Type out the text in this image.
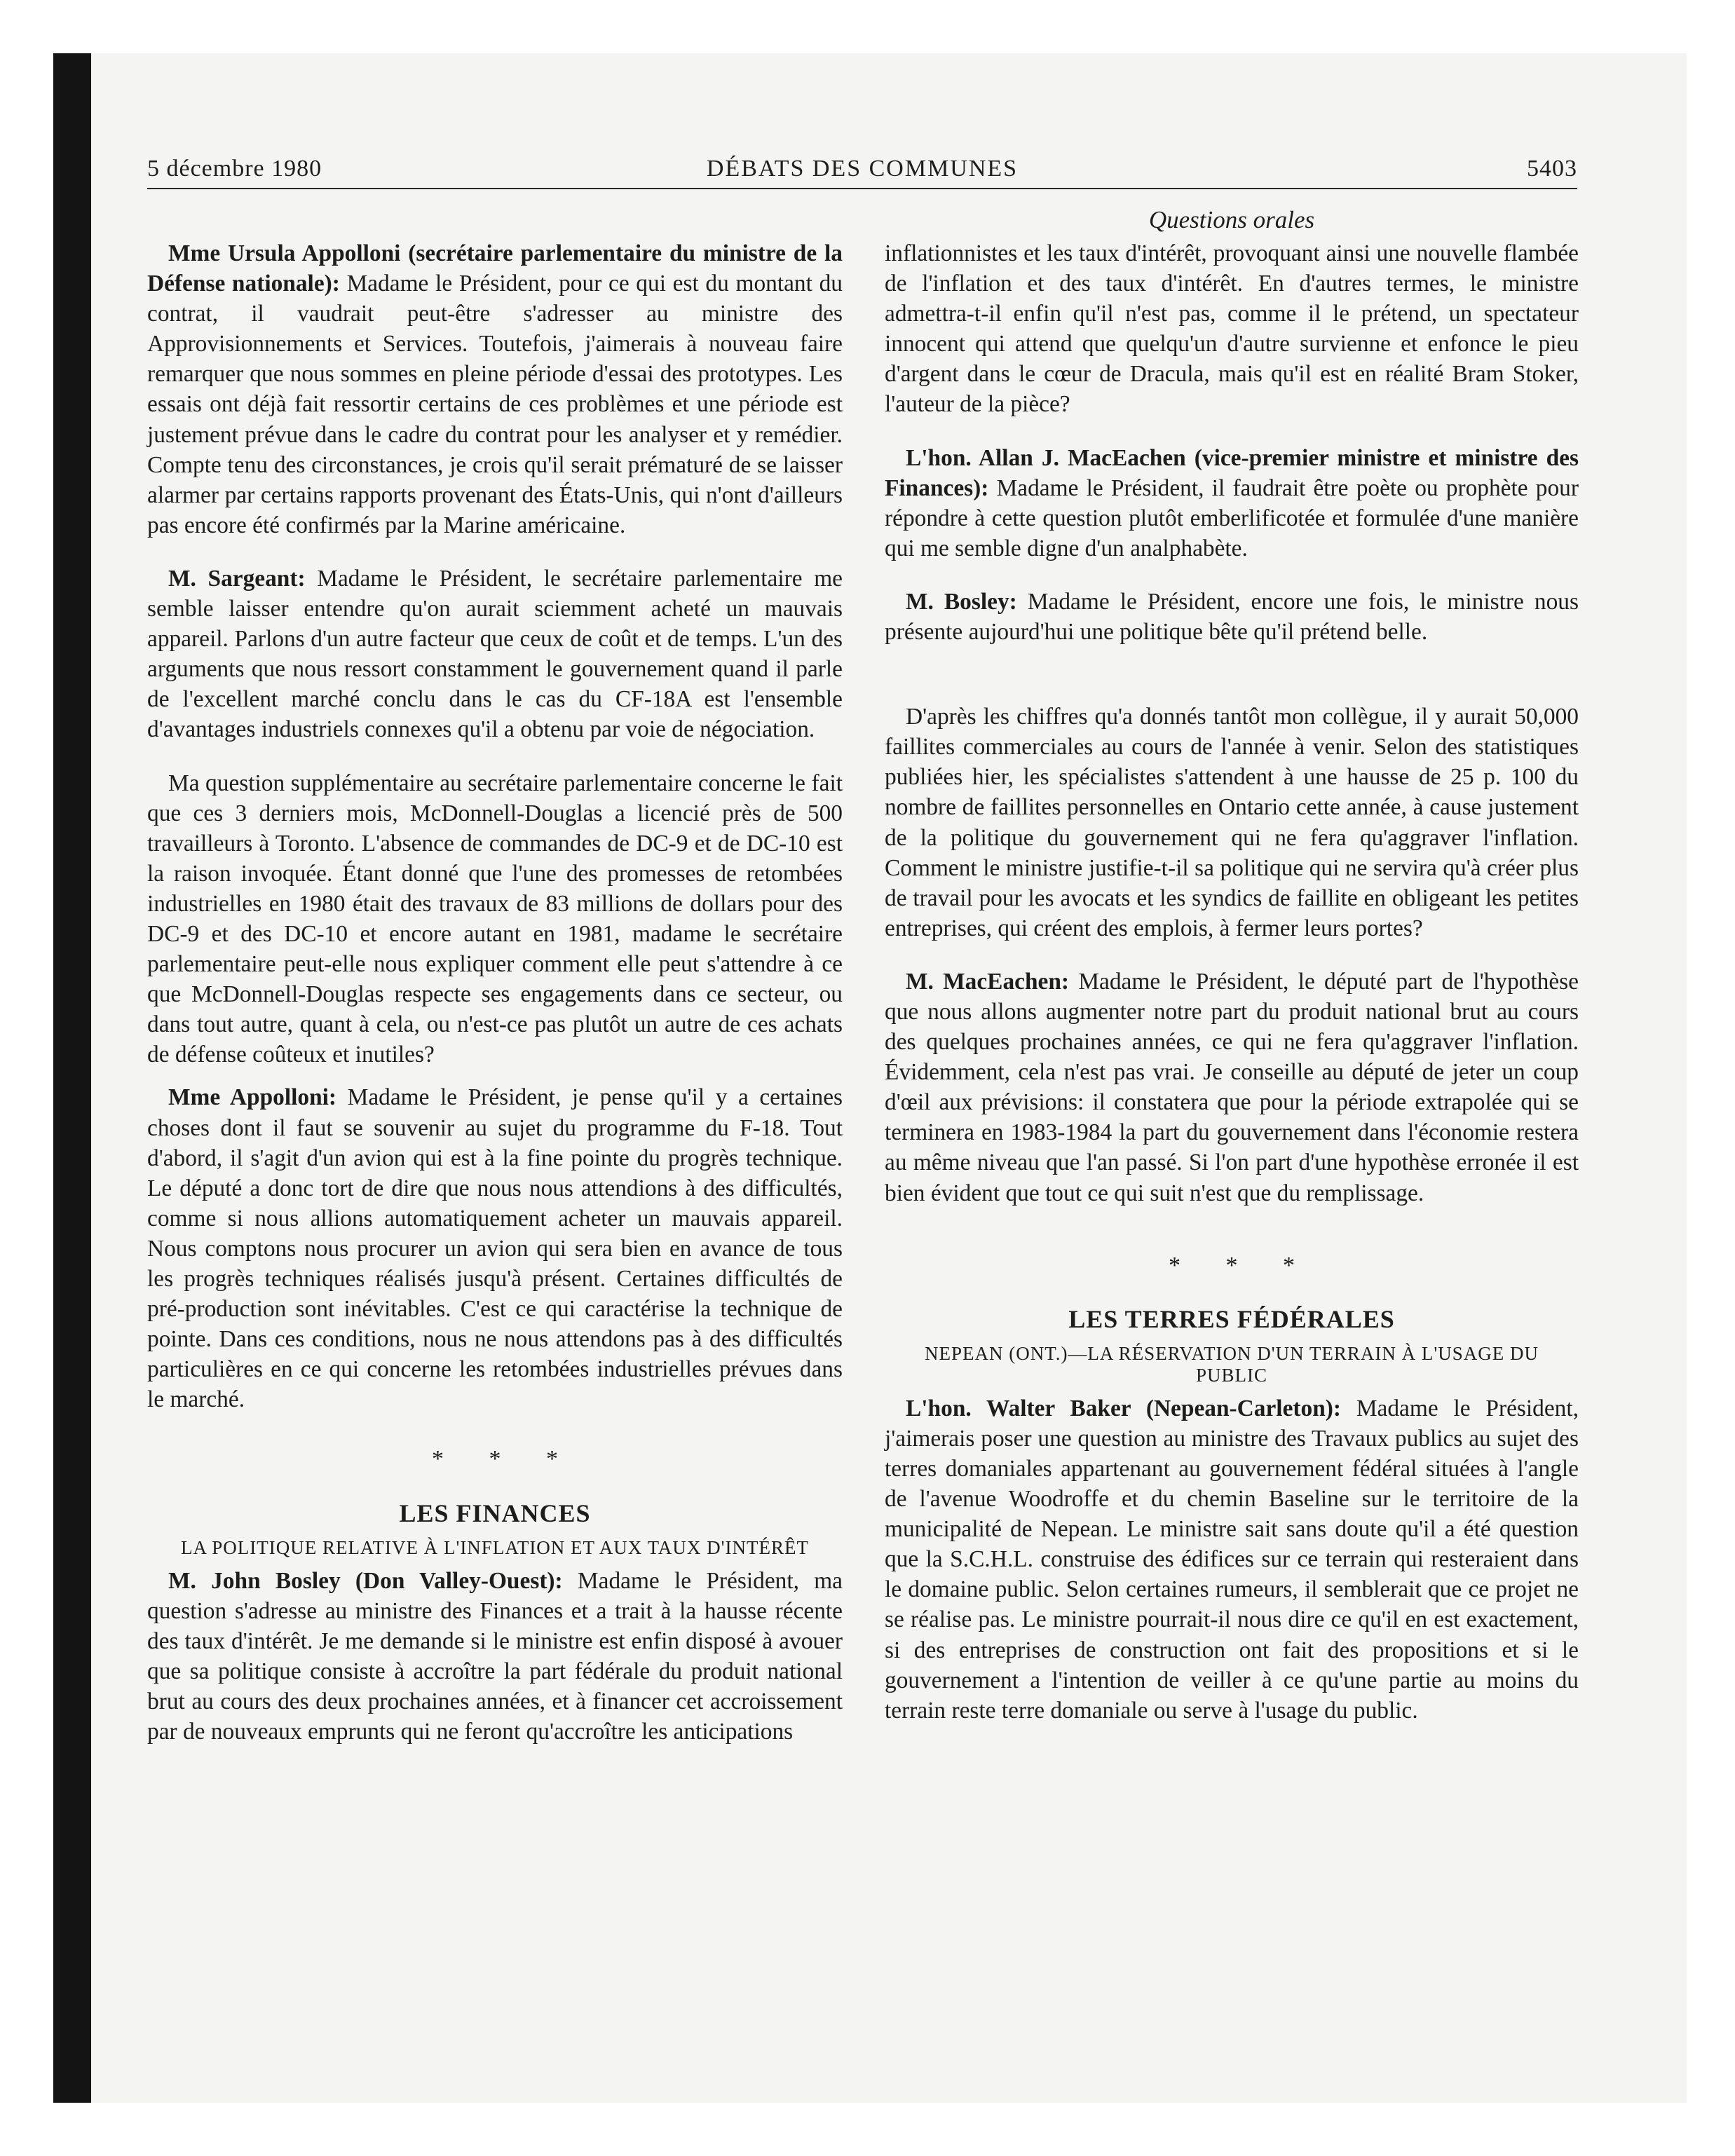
5 décembre 1980	DÉBATS DES COMMUNES	5403
Questions orales

Mme Ursula Appolloni (secrétaire parlementaire du ministre de la Défense nationale): Madame le Président, pour ce qui est du montant du contrat, il vaudrait peut-être s'adresser au ministre des Approvisionnements et Services. Toutefois, j'aimerais à nouveau faire remarquer que nous sommes en pleine période d'essai des prototypes. Les essais ont déjà fait ressortir certains de ces problèmes et une période est justement prévue dans le cadre du contrat pour les analyser et y remédier. Compte tenu des circonstances, je crois qu'il serait prématuré de se laisser alarmer par certains rapports provenant des États-Unis, qui n'ont d'ailleurs pas encore été confirmés par la Marine américaine.

M. Sargeant: Madame le Président, le secrétaire parlementaire me semble laisser entendre qu'on aurait sciemment acheté un mauvais appareil. Parlons d'un autre facteur que ceux de coût et de temps. L'un des arguments que nous ressort constamment le gouvernement quand il parle de l'excellent marché conclu dans le cas du CF-18A est l'ensemble d'avantages industriels connexes qu'il a obtenu par voie de négociation.

Ma question supplémentaire au secrétaire parlementaire concerne le fait que ces 3 derniers mois, McDonnell-Douglas a licencié près de 500 travailleurs à Toronto. L'absence de commandes de DC-9 et de DC-10 est la raison invoquée. Étant donné que l'une des promesses de retombées industrielles en 1980 était des travaux de 83 millions de dollars pour des DC-9 et des DC-10 et encore autant en 1981, madame le secrétaire parlementaire peut-elle nous expliquer comment elle peut s'attendre à ce que McDonnell-Douglas respecte ses engagements dans ce secteur, ou dans tout autre, quant à cela, ou n'est-ce pas plutôt un autre de ces achats de défense coûteux et inutiles?

Mme Appolloni: Madame le Président, je pense qu'il y a certaines choses dont il faut se souvenir au sujet du programme du F-18. Tout d'abord, il s'agit d'un avion qui est à la fine pointe du progrès technique. Le député a donc tort de dire que nous nous attendions à des difficultés, comme si nous allions automatiquement acheter un mauvais appareil. Nous comptons nous procurer un avion qui sera bien en avance de tous les progrès techniques réalisés jusqu'à présent. Certaines difficultés de pré-production sont inévitables. C'est ce qui caractérise la technique de pointe. Dans ces conditions, nous ne nous attendons pas à des difficultés particulières en ce qui concerne les retombées industrielles prévues dans le marché.

* * *

LES FINANCES

LA POLITIQUE RELATIVE À L'INFLATION ET AUX TAUX D'INTÉRÊT

M. John Bosley (Don Valley-Ouest): Madame le Président, ma question s'adresse au ministre des Finances et a trait à la hausse récente des taux d'intérêt. Je me demande si le ministre est enfin disposé à avouer que sa politique consiste à accroître la part fédérale du produit national brut au cours des deux prochaines années, et à financer cet accroissement par de nouveaux emprunts qui ne feront qu'accroître les anticipations

inflationnistes et les taux d'intérêt, provoquant ainsi une nouvelle flambée de l'inflation et des taux d'intérêt. En d'autres termes, le ministre admettra-t-il enfin qu'il n'est pas, comme il le prétend, un spectateur innocent qui attend que quelqu'un d'autre survienne et enfonce le pieu d'argent dans le cœur de Dracula, mais qu'il est en réalité Bram Stoker, l'auteur de la pièce?

L'hon. Allan J. MacEachen (vice-premier ministre et ministre des Finances): Madame le Président, il faudrait être poète ou prophète pour répondre à cette question plutôt emberlificotée et formulée d'une manière qui me semble digne d'un analphabète.

M. Bosley: Madame le Président, encore une fois, le ministre nous présente aujourd'hui une politique bête qu'il prétend belle.

D'après les chiffres qu'a donnés tantôt mon collègue, il y aurait 50,000 faillites commerciales au cours de l'année à venir. Selon des statistiques publiées hier, les spécialistes s'attendent à une hausse de 25 p. 100 du nombre de faillites personnelles en Ontario cette année, à cause justement de la politique du gouvernement qui ne fera qu'aggraver l'inflation. Comment le ministre justifie-t-il sa politique qui ne servira qu'à créer plus de travail pour les avocats et les syndics de faillite en obligeant les petites entreprises, qui créent des emplois, à fermer leurs portes?

M. MacEachen: Madame le Président, le député part de l'hypothèse que nous allons augmenter notre part du produit national brut au cours des quelques prochaines années, ce qui ne fera qu'aggraver l'inflation. Évidemment, cela n'est pas vrai. Je conseille au député de jeter un coup d'œil aux prévisions: il constatera que pour la période extrapolée qui se terminera en 1983-1984 la part du gouvernement dans l'économie restera au même niveau que l'an passé. Si l'on part d'une hypothèse erronée il est bien évident que tout ce qui suit n'est que du remplissage.

* * *

LES TERRES FÉDÉRALES

NEPEAN (ONT.)—LA RÉSERVATION D'UN TERRAIN À L'USAGE DU PUBLIC

L'hon. Walter Baker (Nepean-Carleton): Madame le Président, j'aimerais poser une question au ministre des Travaux publics au sujet des terres domaniales appartenant au gouvernement fédéral situées à l'angle de l'avenue Woodroffe et du chemin Baseline sur le territoire de la municipalité de Nepean. Le ministre sait sans doute qu'il a été question que la S.C.H.L. construise des édifices sur ce terrain qui resteraient dans le domaine public. Selon certaines rumeurs, il semblerait que ce projet ne se réalise pas. Le ministre pourrait-il nous dire ce qu'il en est exactement, si des entreprises de construction ont fait des propositions et si le gouvernement a l'intention de veiller à ce qu'une partie au moins du terrain reste terre domaniale ou serve à l'usage du public.
